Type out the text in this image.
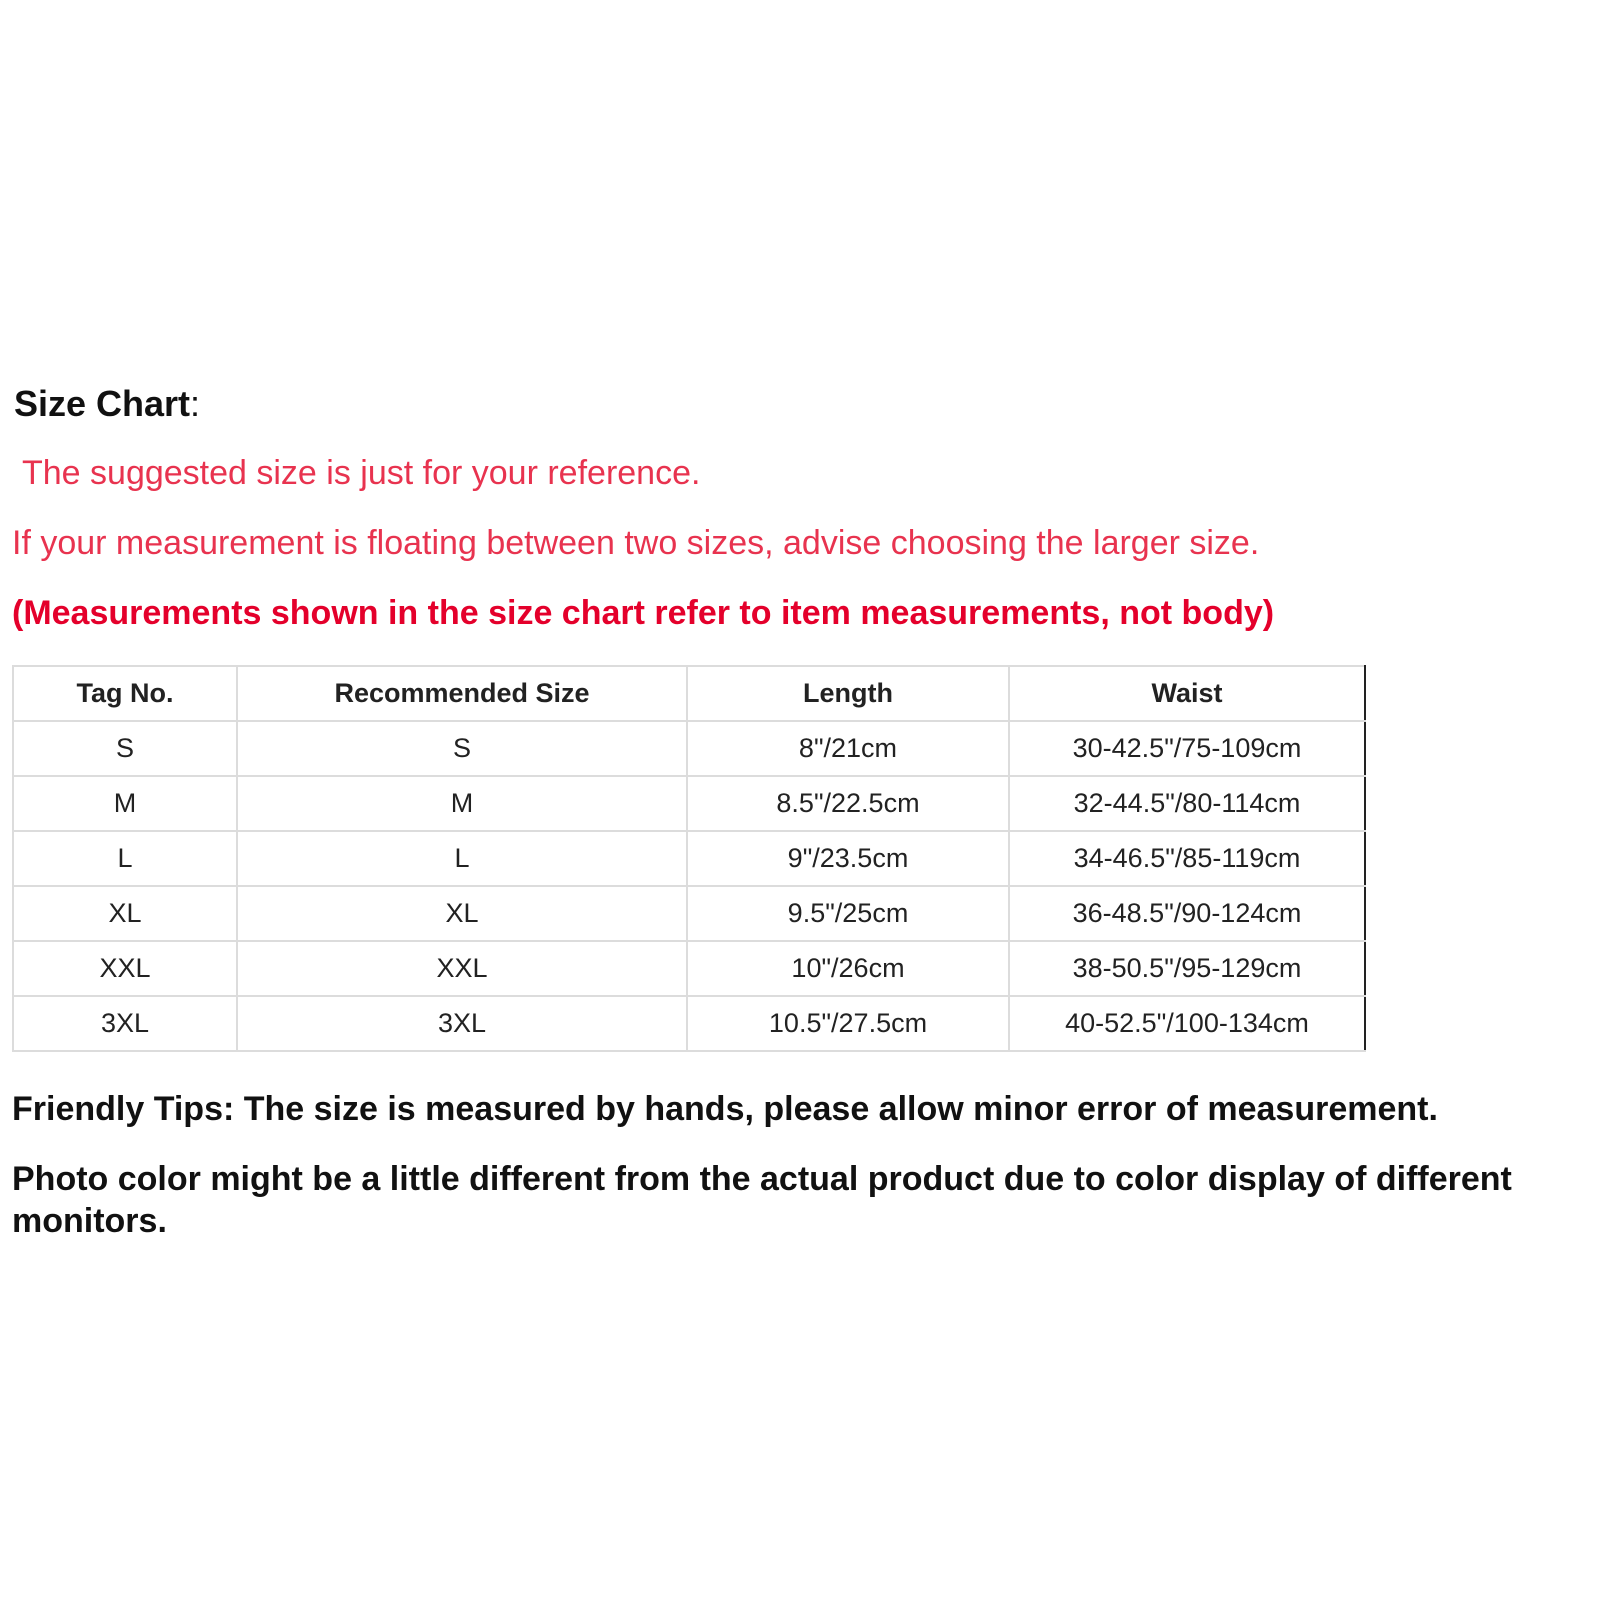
Size Chart:
The suggested size is just for your reference.
If your measurement is floating between two sizes, advise choosing the larger size.
(Measurements shown in the size chart refer to item measurements, not body)
Tag No.	Recommended Size	Length	Waist
S	S	8"/21cm	30-42.5"/75-109cm
M	M	8.5"/22.5cm	32-44.5"/80-114cm
L	L	9"/23.5cm	34-46.5"/85-119cm
XL	XL	9.5"/25cm	36-48.5"/90-124cm
XXL	XXL	10"/26cm	38-50.5"/95-129cm
3XL	3XL	10.5"/27.5cm	40-52.5"/100-134cm
Friendly Tips: The size is measured by hands, please allow minor error of measurement.
Photo color might be a little different from the actual product due to color display of different monitors.
